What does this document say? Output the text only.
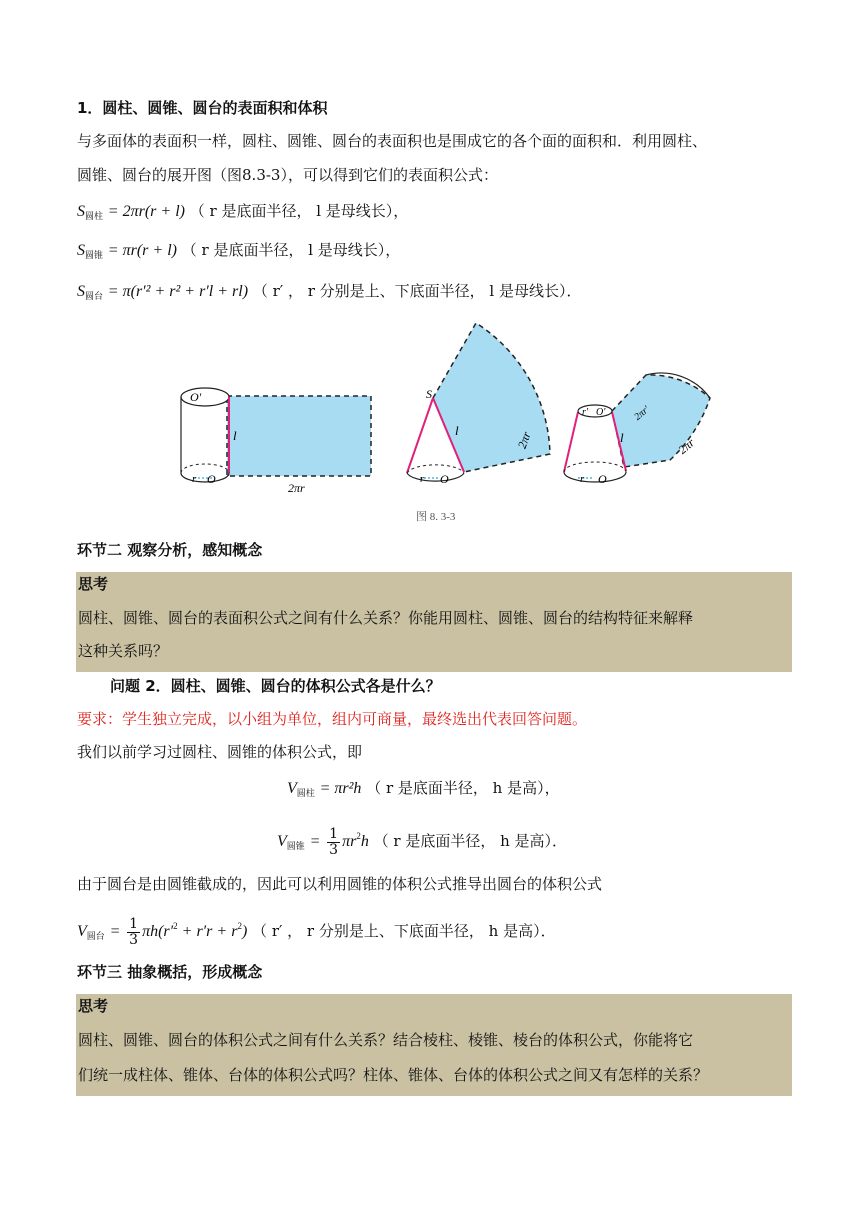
1．圆柱、圆锥、圆台的表面积和体积
与多面体的表面积一样，圆柱、圆锥、圆台的表面积也是围成它的各个面的面积和．利用圆柱、
圆锥、圆台的展开图（图8.3-3），可以得到它们的表面积公式：
$S_{圆柱} = 2\pi r(r + l)$ （ r 是底面半径， l 是母线长），
$S_{圆锥} = \pi r(r + l)$ （ r 是底面半径， l 是母线长），
$S_{圆台} = \pi(r'^2 + r^2 + r'l + rl)$ （ r′ ， r 分别是上、下底面半径， l 是母线长）．
O′
l
r O
2πr
S
l
r O
2πr
r′ O′	2πr′
l
r O
2πr
图 8. 3-3
环节二 观察分析，感知概念
思考
圆柱、圆锥、圆台的表面积公式之间有什么关系？你能用圆柱、圆锥、圆台的结构特征来解释
这种关系吗？
问题 2．圆柱、圆锥、圆台的体积公式各是什么？
要求：学生独立完成，以小组为单位，组内可商量，最终选出代表回答问题。
我们以前学习过圆柱、圆锥的体积公式，即
$V_{圆柱} = \pi r^2h$ （ r 是底面半径， h 是高），
$V_{圆锥} = \frac{1}{3} \pi r^2h$ （ r 是底面半径， h 是高）．
由于圆台是由圆锥截成的，因此可以利用圆锥的体积公式推导出圆台的体积公式
$V_{圆台} = \frac{1}{3} \pi h(r'^2 + r'r + r^2)$ （ r′ ， r 分别是上、下底面半径， h 是高）．
环节三 抽象概括，形成概念
思考
圆柱、圆锥、圆台的体积公式之间有什么关系？结合棱柱、棱锥、棱台的体积公式，你能将它
们统一成柱体、锥体、台体的体积公式吗？柱体、锥体、台体的体积公式之间又有怎样的关系？
